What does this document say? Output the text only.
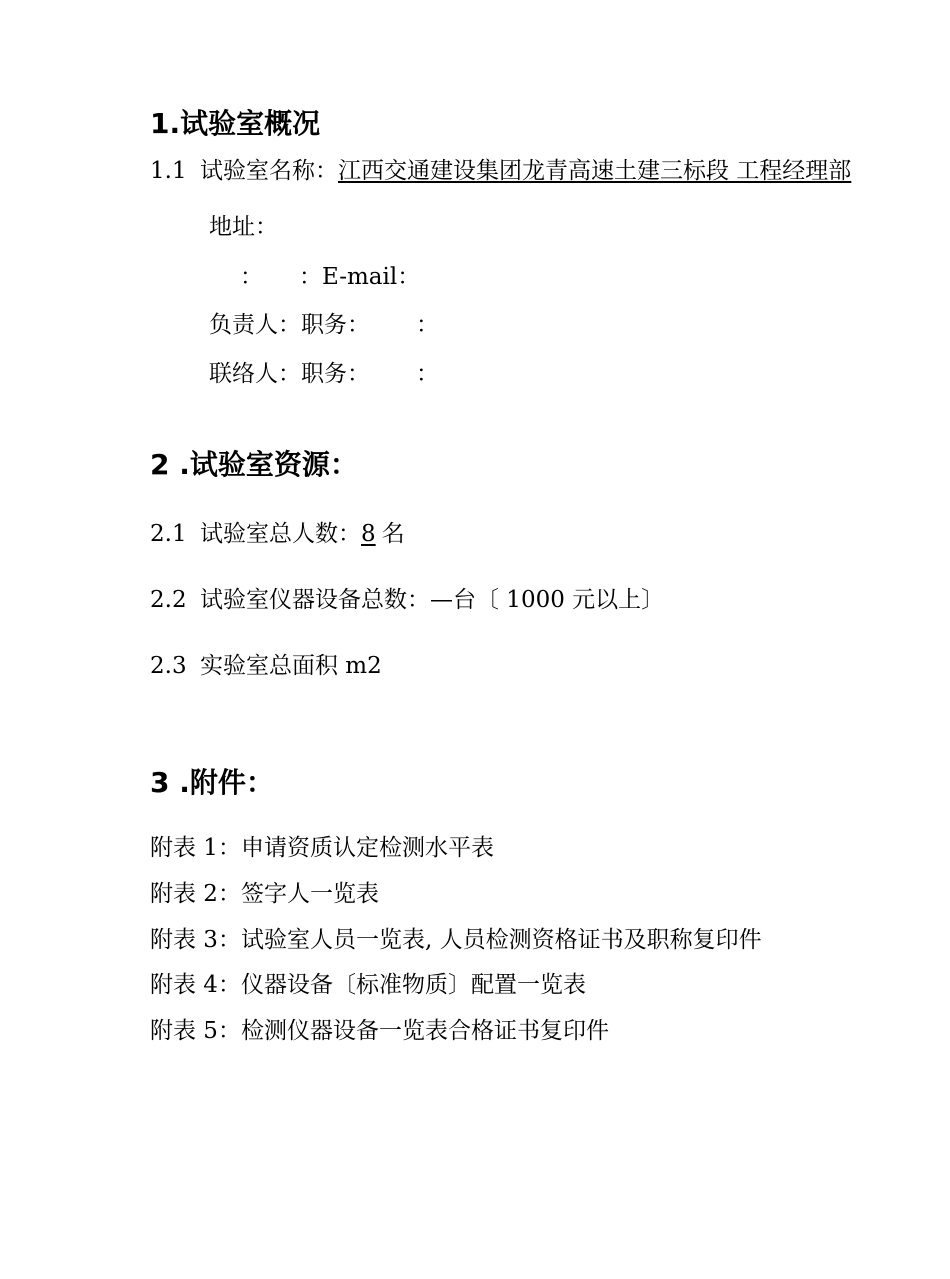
1.试验室概况
1.1 试验室名称：江西交通建设集团龙青高速土建三标段 工程经理部
地址：
： ：E-mail：
负责人：职务： ：
联络人：职务： ：
2 .试验室资源：
2.1 试验室总人数：8 名
2.2 试验室仪器设备总数：—台〔 1000 元以上〕
2.3 实验室总面积 m2
3 .附件：
附表 1：申请资质认定检测水平表
附表 2：签字人一览表
附表 3：试验室人员一览表, 人员检测资格证书及职称复印件
附表 4：仪器设备〔标准物质〕配置一览表
附表 5：检测仪器设备一览表合格证书复印件
